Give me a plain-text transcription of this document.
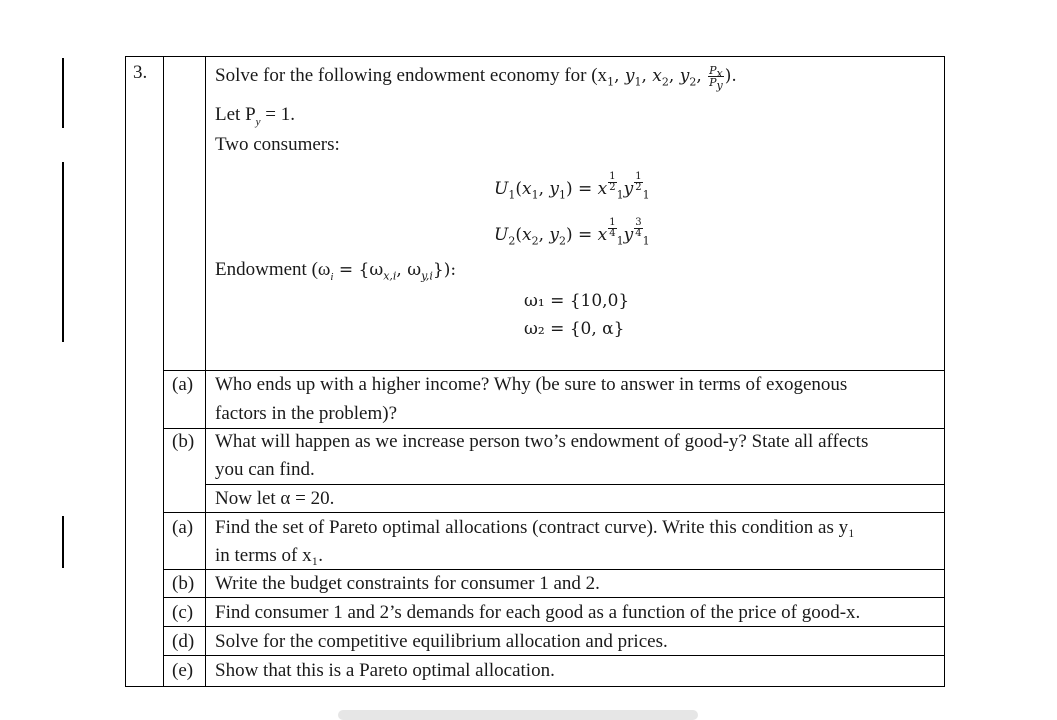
3.	Solve for the following endowment economy for ($x_1$, $y_1$, $x_2$, $y_2$, $\frac{P_x}{P_y}$ ).
Let $P_y = 1$.
Two consumers:
$U_1(x_1$, $y_1) = x \frac{1}{2}$
$_1y \frac{1}{2}$
$_1$
$U_2(x_2$, $y_2) = x \frac{1}{4}$
$_1y \frac{3}{4}$
$_1$
Endowment ($\omega_i = \{\omega_{x,i}$, $\omega_{y,i}$}):
ω₁ = {10,0}
ω₂ = {0, α}
(a) Who ends up with a higher income? Why (be sure to answer in terms of exogenous
factors in the problem)?
(b) What will happen as we increase person two’s endowment of good-y? State all affects
you can find.
Now let α = 20.
(a) Find the set of Pareto optimal allocations (contract curve). Write this condition as y₁
in terms of x₁.
(b) Write the budget constraints for consumer 1 and 2.
(c) Find consumer 1 and 2’s demands for each good as a function of the price of good-x.
(d) Solve for the competitive equilibrium allocation and prices.
(e) Show that this is a Pareto optimal allocation.
